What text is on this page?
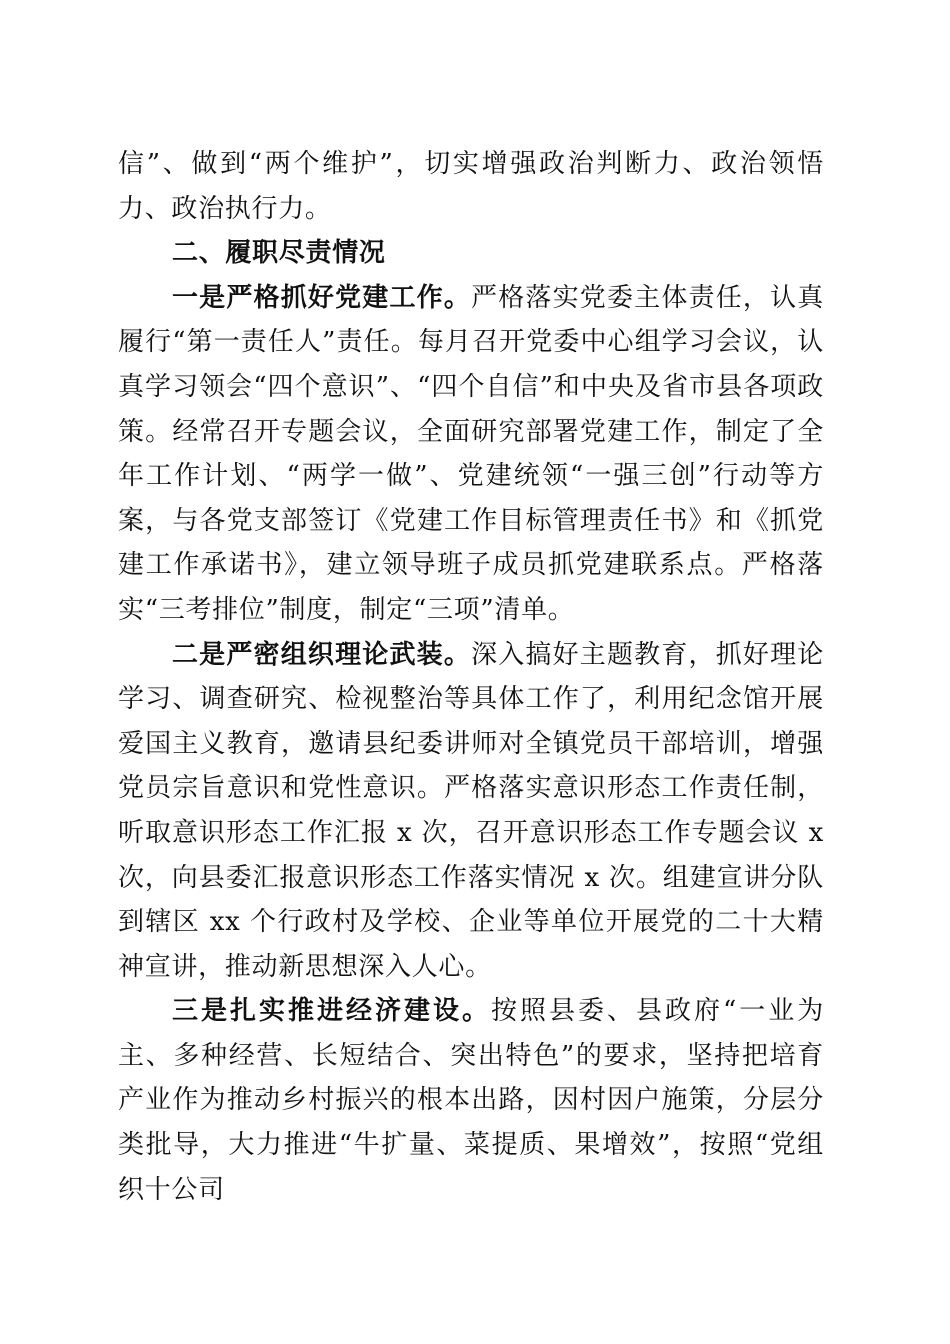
信”、做到“两个维护”，切实增强政治判断力、政治领悟力、政治执行力。

二、履职尽责情况

一是严格抓好党建工作。严格落实党委主体责任，认真履行“第一责任人”责任。每月召开党委中心组学习会议，认真学习领会“四个意识”、“四个自信”和中央及省市县各项政策。经常召开专题会议，全面研究部署党建工作，制定了全年工作计划、“两学一做”、党建统领“一强三创”行动等方案，与各党支部签订《党建工作目标管理责任书》和《抓党建工作承诺书》，建立领导班子成员抓党建联系点。严格落实“三考排位”制度，制定“三项”清单。

二是严密组织理论武装。深入搞好主题教育，抓好理论学习、调查研究、检视整治等具体工作了，利用纪念馆开展爱国主义教育，邀请县纪委讲师对全镇党员干部培训，增强党员宗旨意识和党性意识。严格落实意识形态工作责任制，听取意识形态工作汇报 x 次，召开意识形态工作专题会议 x 次，向县委汇报意识形态工作落实情况 x 次。组建宣讲分队到辖区 xx 个行政村及学校、企业等单位开展党的二十大精神宣讲，推动新思想深入人心。

三是扎实推进经济建设。按照县委、县政府“一业为主、多种经营、长短结合、突出特色”的要求，坚持把培育产业作为推动乡村振兴的根本出路，因村因户施策，分层分类批导，大力推进“牛扩量、菜提质、果增效”，按照“党组织十公司
